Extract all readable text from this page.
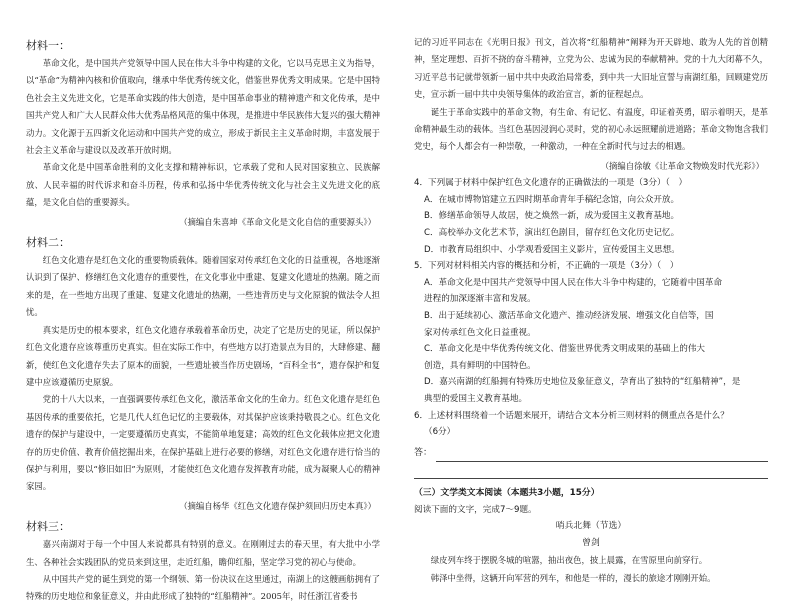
材料一：

革命文化，是中国共产党领导中国人民在伟大斗争中构建的文化，它以马克思主义为指导，以“革命”为精神內核和价值取向，继承中华优秀传统文化，借鉴世界优秀文明成果。它是中国特色社会主义先进文化，它是革命实践的伟大创造，是中国革命事业的精神遗产和文化传承，是中国共产党人和广大人民群众伟大优秀品格风范的集中体现，是推进中华民族伟大复兴的强大精神动力。文化源于五四新文化运动和中国共产党的成立，形成于新民主主义革命时期，丰富发展于社会主义革命与建设以及改革开放时期。

革命文化是中国革命胜利的文化支撑和精神标识，它承载了党和人民对国家独立、民族解放、人民幸福的时代诉求和奋斗历程，传承和弘扬中华优秀传统文化与社会主义先进文化的底蕴，是文化自信的重要源头。

（摘编自朱喜坤《革命文化是文化自信的重要源头》）

材料二：

红色文化遗存是红色文化的重要物质载体。随着国家对传承红色文化的日益重视，各地逐渐认识到了保护、修缮红色文化遗存的重要性，在文化事业中重建、复建文化遗址的热潮。随之而来的是，在一些地方出现了重建、复建文化遗址的热潮，一些违背历史与文化原貌的做法令人担忧。

真实是历史的根本要求，红色文化遗存承载着革命历史，决定了它是历史的见证，所以保护红色文化遗存应该尊重历史真实。但在实际工作中，有些地方以打造景点为目的，大肆修建、翻新，使红色文化遗存失去了原本的面貌，一些遗址被当作历史剧场，“百科全书”，遗存保护和复建中应该遵循历史原貌。

党的十八大以来，一直强调要传承红色文化，激活革命文化的生命力。红色文化遗存是红色基因传承的重要依托，它是几代人红色记忆的主要载体，对其保护应该秉持敬畏之心。红色文化遗存的保护与建设中，一定要遵循历史真实，不能简单地复建；高效的红色文化载体应把文化遗存的历史价值、教育价值挖掘出来，在保护基础上进行必要的修缮，对红色文化遗存进行恰当的保护与利用，要以“修旧如旧”为原则，才能使红色文化遗存发挥教育功能，成为凝聚人心的精神家园。

（摘编自杨华《红色文化遗存保护须回归历史本真》）

材料三：

嘉兴南湖对于每一个中国人来说都具有特别的意义。在刚刚过去的春天里，有大批中小学生、各种社会实践团队的党员来到这里，走近红船，瞻仰红船，坚定学习党的初心与使命。

从中国共产党的诞生到党的第一个纲领、第一份决议在这里通过，南湖上的这艘画舫拥有了特殊的历史地位和象征意义，并由此形成了独特的“红船精神”。2005年，时任浙江省委书

记的习近平同志在《光明日报》刊文，首次将“红船精神”阐释为开天辟地、敢为人先的首创精神，坚定理想、百折不挠的奋斗精神，立党为公、忠诚为民的奉献精神。党的十九大闭幕不久，习近平总书记就带领新一届中共中央政治局常委，到中共一大旧址宣誓与南湖红船，回顾建党历史，宣示新一届中共中央领导集体的政治宣言，新的征程起点。

诞生于革命实践中的革命文物，有生命、有记忆、有温度，印证着英勇，昭示着明天，是革命精神最生动的载体。当红色基因浸润心灵时，党的初心永远照耀前进道路；革命文物饱含我们党史，每个人都会有一种崇敬，一种激动，一种在全新时代与过去的相遇。

（摘编自徐敏《让革命文物焕发时代光彩》）

4．下列属于材料中保护红色文化遗存的正确做法的一项是（3分）（　）

A．在城市博物馆建立五四时期革命青年手稿纪念馆，向公众开放。

B．修缮革命领导人故居，使之焕然一新，成为爱国主义教育基地。

C．高校举办文化艺术节，演出红色剧目，留存红色文化历史记忆。

D．市教育局组织中、小学观看爱国主义影片，宣传爱国主义思想。

5．下列对材料相关内容的概括和分析，不正确的一项是（3分）（　）

A．革命文化是中国共产党领导中国人民在伟大斗争中构建的，它随着中国革命
进程的加深逐渐丰富和发展。

B．出于延续初心、激活革命文化遗产、推动经济发展、增强文化自信等，国
家对传承红色文化日益重视。

C．革命文化是中华优秀传统文化、借鉴世界优秀文明成果的基础上的伟大
创造，具有鲜明的中国特色。

D．嘉兴南湖的红船拥有特殊历史地位及象征意义，孕育出了独特的“红船精神”，是
典型的爱国主义教育基地。

6．上述材料围绕着一个话题来展开，请结合文本分析三则材料的侧重点各是什么？

（6分）

答：

（三）文学类文本阅读（本题共3小题，15分）

阅读下面的文字，完成7～9题。

哨兵北舞（节选）

曾剑

绿皮列车终于摆脱冬城的喧嚣，抽出夜色，披上晨露，在雪原里向前穿行。

韩泽中坐得，这辆开向军营的列车，和他是一样的，漫长的旅途才刚刚开始。
